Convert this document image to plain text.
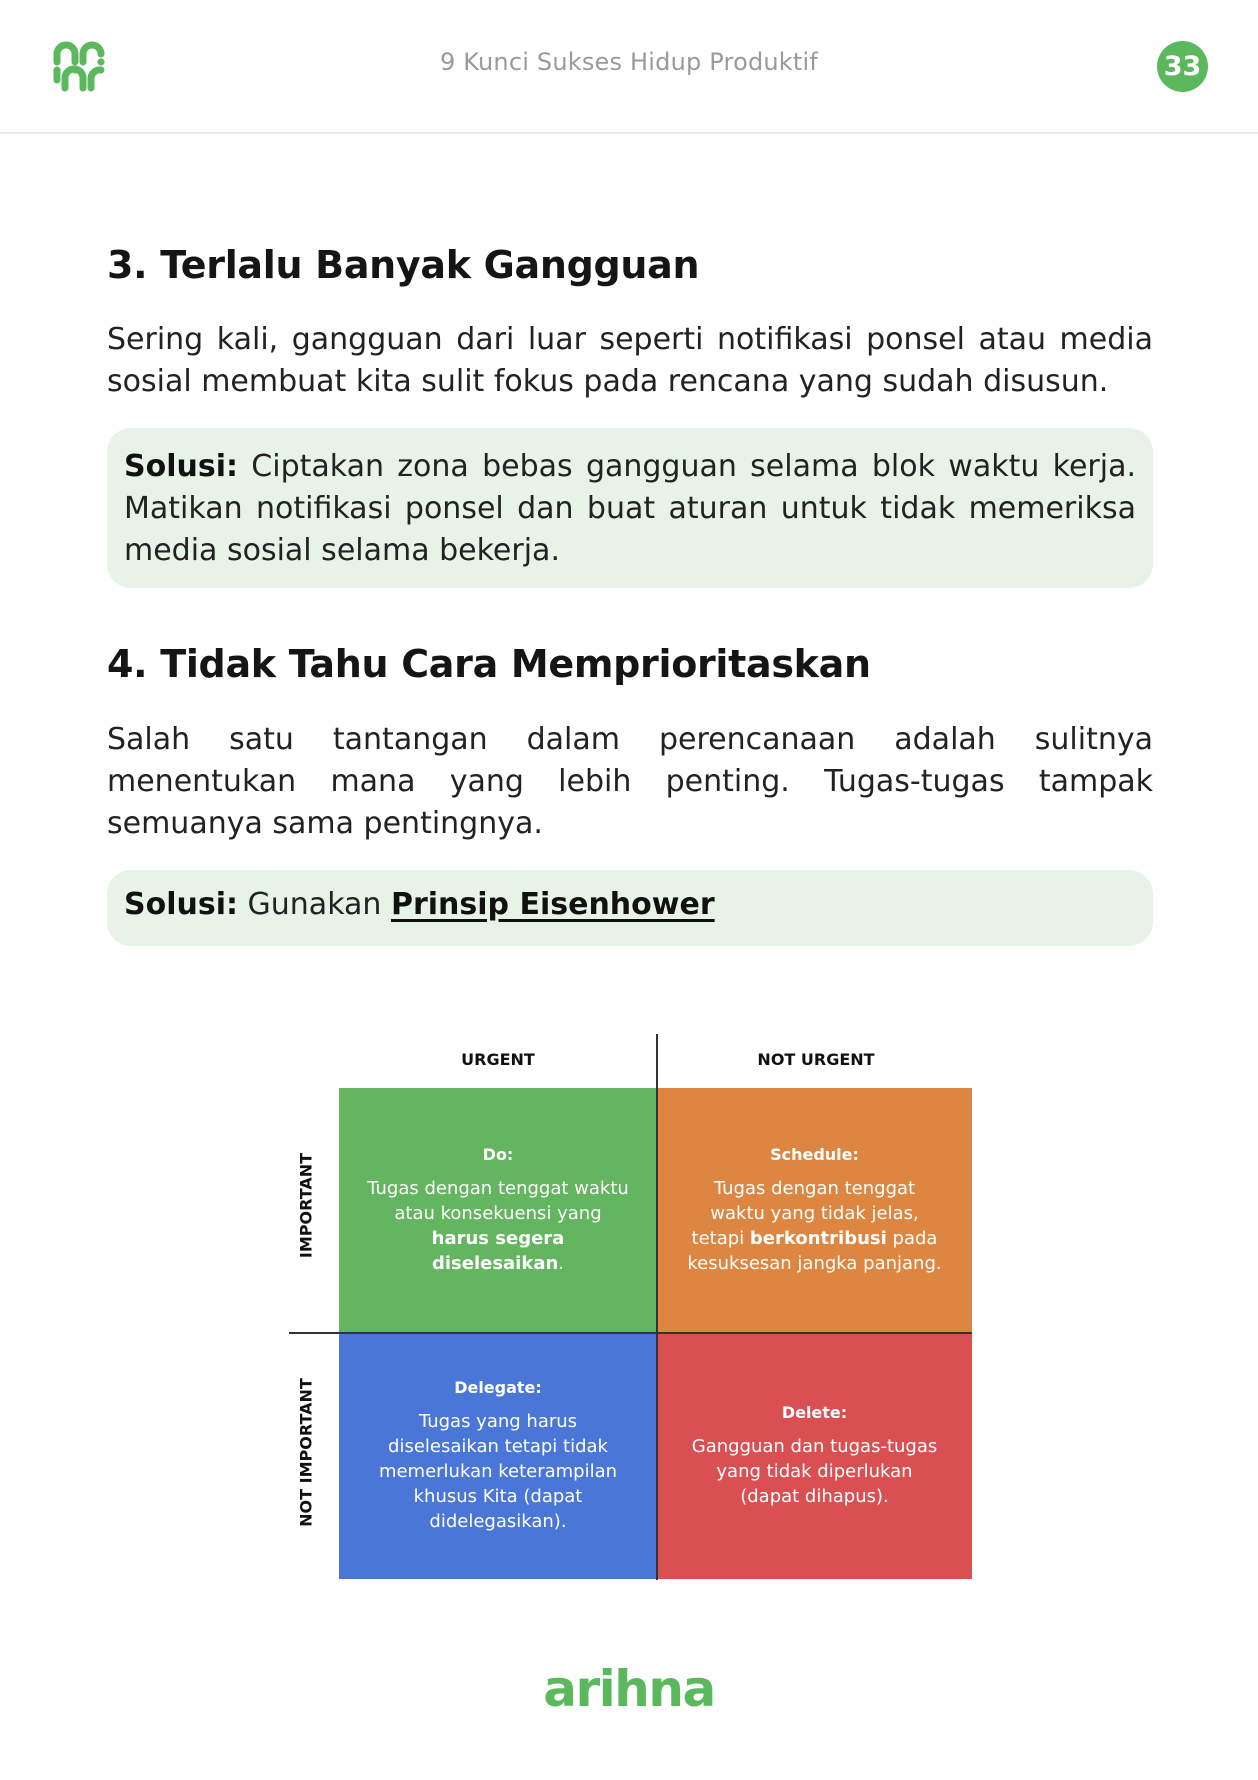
9 Kunci Sukses Hidup Produktif	33
3. Terlalu Banyak Gangguan
Sering kali, gangguan dari luar seperti notifikasi ponsel atau media sosial membuat kita sulit fokus pada rencana yang sudah disusun.
Solusi: Ciptakan zona bebas gangguan selama blok waktu kerja. Matikan notifikasi ponsel dan buat aturan untuk tidak memeriksa media sosial selama bekerja.
4. Tidak Tahu Cara Memprioritaskan
Salah satu tantangan dalam perencanaan adalah sulitnya menentukan mana yang lebih penting. Tugas-tugas tampak semuanya sama pentingnya.
Solusi: Gunakan Prinsip Eisenhower
URGENT	NOT URGENT
IMPORTANT
NOT IMPORTANT
Do:
Tugas dengan tenggat waktu atau konsekuensi yang harus segera diselesaikan.
Schedule:
Tugas dengan tenggat waktu yang tidak jelas, tetapi berkontribusi pada kesuksesan jangka panjang.
Delegate:
Tugas yang harus diselesaikan tetapi tidak memerlukan keterampilan khusus Kita (dapat didelegasikan).
Delete:
Gangguan dan tugas-tugas yang tidak diperlukan (dapat dihapus).
arihna
